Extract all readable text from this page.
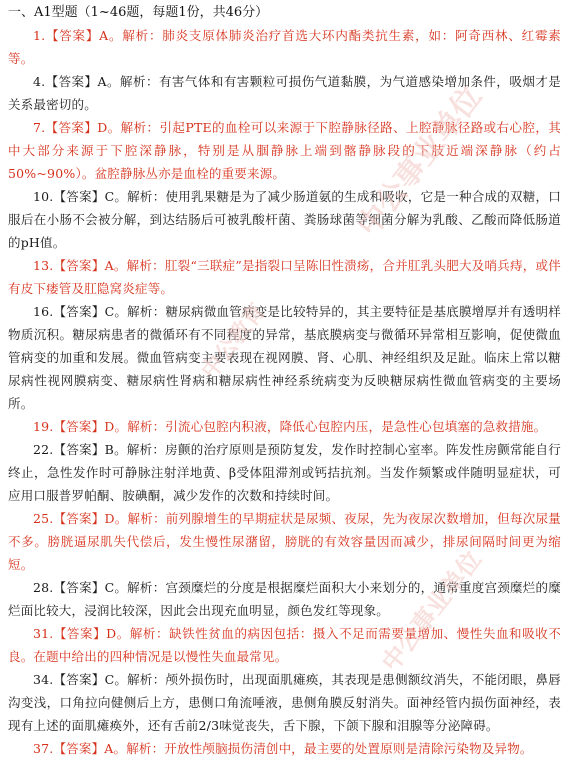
一、A1型题（1~46题，每题1份，共46分）

1.【答案】A。解析：肺炎支原体肺炎治疗首选大环内酯类抗生素，如：阿奇西林、红霉素等。

4.【答案】A。解析：有害气体和有害颗粒可损伤气道黏膜，为气道感染增加条件，吸烟才是关系最密切的。

7.【答案】D。解析：引起PTE的血栓可以来源于下腔静脉径路、上腔静脉径路或右心腔，其中大部分来源于下腔深静脉，特别是从腘静脉上端到髂静脉段的下肢近端深静脉（约占50%~90%）。盆腔静脉丛亦是血栓的重要来源。

10.【答案】C。解析：使用乳果糖是为了减少肠道氨的生成和吸收，它是一种合成的双糖，口服后在小肠不会被分解，到达结肠后可被乳酸杆菌、粪肠球菌等细菌分解为乳酸、乙酸而降低肠道的pH值。

13.【答案】A。解析：肛裂“三联症”是指裂口呈陈旧性溃疡，合并肛乳头肥大及哨兵痔，或伴有皮下瘘管及肛隐窝炎症等。

16.【答案】C。解析：糖尿病微血管病变是比较特异的，其主要特征是基底膜增厚并有透明样物质沉积。糖尿病患者的微循环有不同程度的异常，基底膜病变与微循环异常相互影响，促使微血管病变的加重和发展。微血管病变主要表现在视网膜、肾、心肌、神经组织及足趾。临床上常以糖尿病性视网膜病变、糖尿病性肾病和糖尿病性神经系统病变为反映糖尿病性微血管病变的主要场所。

19.【答案】D。解析：引流心包腔内积液，降低心包腔内压，是急性心包填塞的急救措施。

22.【答案】B。解析：房颤的治疗原则是预防复发，发作时控制心室率。阵发性房颤常能自行终止，急性发作时可静脉注射洋地黄、β受体阻滞剂或钙拮抗剂。当发作频繁或伴随明显症状，可应用口服普罗帕酮、胺碘酮，减少发作的次数和持续时间。

25.【答案】D。解析：前列腺增生的早期症状是尿频、夜尿，先为夜尿次数增加，但每次尿量不多。膀胱逼尿肌失代偿后，发生慢性尿潴留，膀胱的有效容量因而减少，排尿间隔时间更为缩短。

28.【答案】C。解析：宫颈糜烂的分度是根据糜烂面积大小来划分的，通常重度宫颈糜烂的糜烂面比较大，浸润比较深，因此会出现充血明显，颜色发红等现象。

31.【答案】D。解析：缺铁性贫血的病因包括：摄入不足而需要量增加、慢性失血和吸收不良。在题中给出的四种情况是以慢性失血最常见。

34.【答案】C。解析：颅外损伤时，出现面肌瘫痪，其表现是患侧额纹消失，不能闭眼，鼻唇沟变浅，口角拉向健侧后上方，患侧口角流唾液，患侧角膜反射消失。面神经管内损伤面神经，表现有上述的面肌瘫痪外，还有舌前2/3味觉丧失，舌下腺，下颌下腺和泪腺等分泌障碍。

37.【答案】A。解析：开放性颅脑损伤清创中，最主要的处置原则是清除污染物及异物。

中公事业单位
中公教育
中公事业单位
